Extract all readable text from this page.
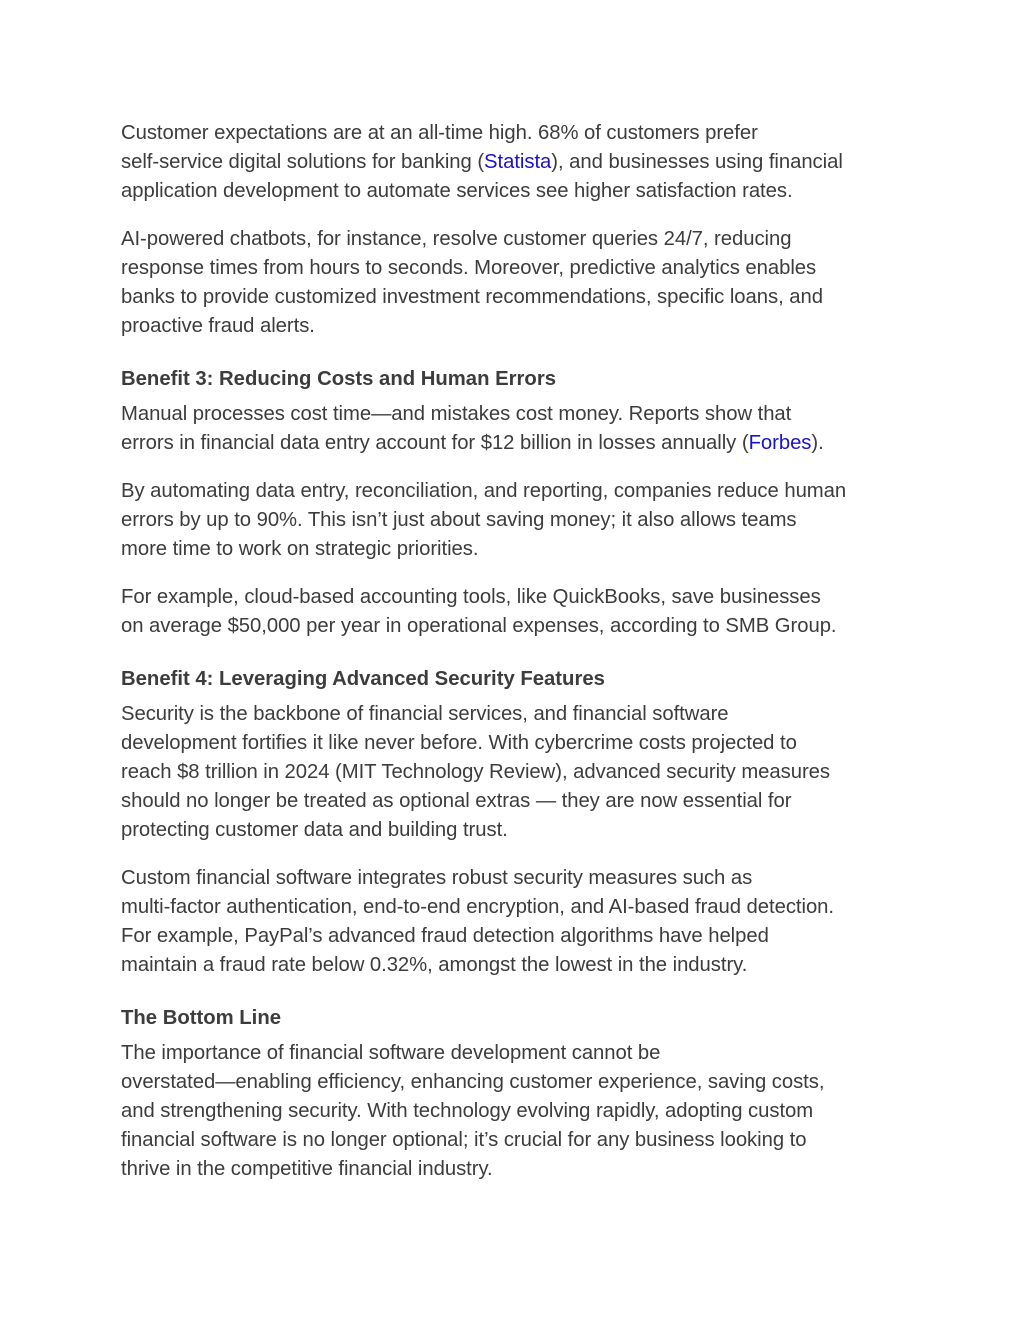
Customer expectations are at an all-time high. 68% of customers prefer
self-service digital solutions for banking (Statista), and businesses using financial
application development to automate services see higher satisfaction rates.
AI-powered chatbots, for instance, resolve customer queries 24/7, reducing
response times from hours to seconds. Moreover, predictive analytics enables
banks to provide customized investment recommendations, specific loans, and
proactive fraud alerts.
Benefit 3: Reducing Costs and Human Errors
Manual processes cost time—and mistakes cost money. Reports show that
errors in financial data entry account for $12 billion in losses annually (Forbes).
By automating data entry, reconciliation, and reporting, companies reduce human
errors by up to 90%. This isn’t just about saving money; it also allows teams
more time to work on strategic priorities.
For example, cloud-based accounting tools, like QuickBooks, save businesses
on average $50,000 per year in operational expenses, according to SMB Group.
Benefit 4: Leveraging Advanced Security Features
Security is the backbone of financial services, and financial software
development fortifies it like never before. With cybercrime costs projected to
reach $8 trillion in 2024 (MIT Technology Review), advanced security measures
should no longer be treated as optional extras — they are now essential for
protecting customer data and building trust.
Custom financial software integrates robust security measures such as
multi-factor authentication, end-to-end encryption, and AI-based fraud detection.
For example, PayPal’s advanced fraud detection algorithms have helped
maintain a fraud rate below 0.32%, amongst the lowest in the industry.
The Bottom Line
The importance of financial software development cannot be
overstated—enabling efficiency, enhancing customer experience, saving costs,
and strengthening security. With technology evolving rapidly, adopting custom
financial software is no longer optional; it’s crucial for any business looking to
thrive in the competitive financial industry.
